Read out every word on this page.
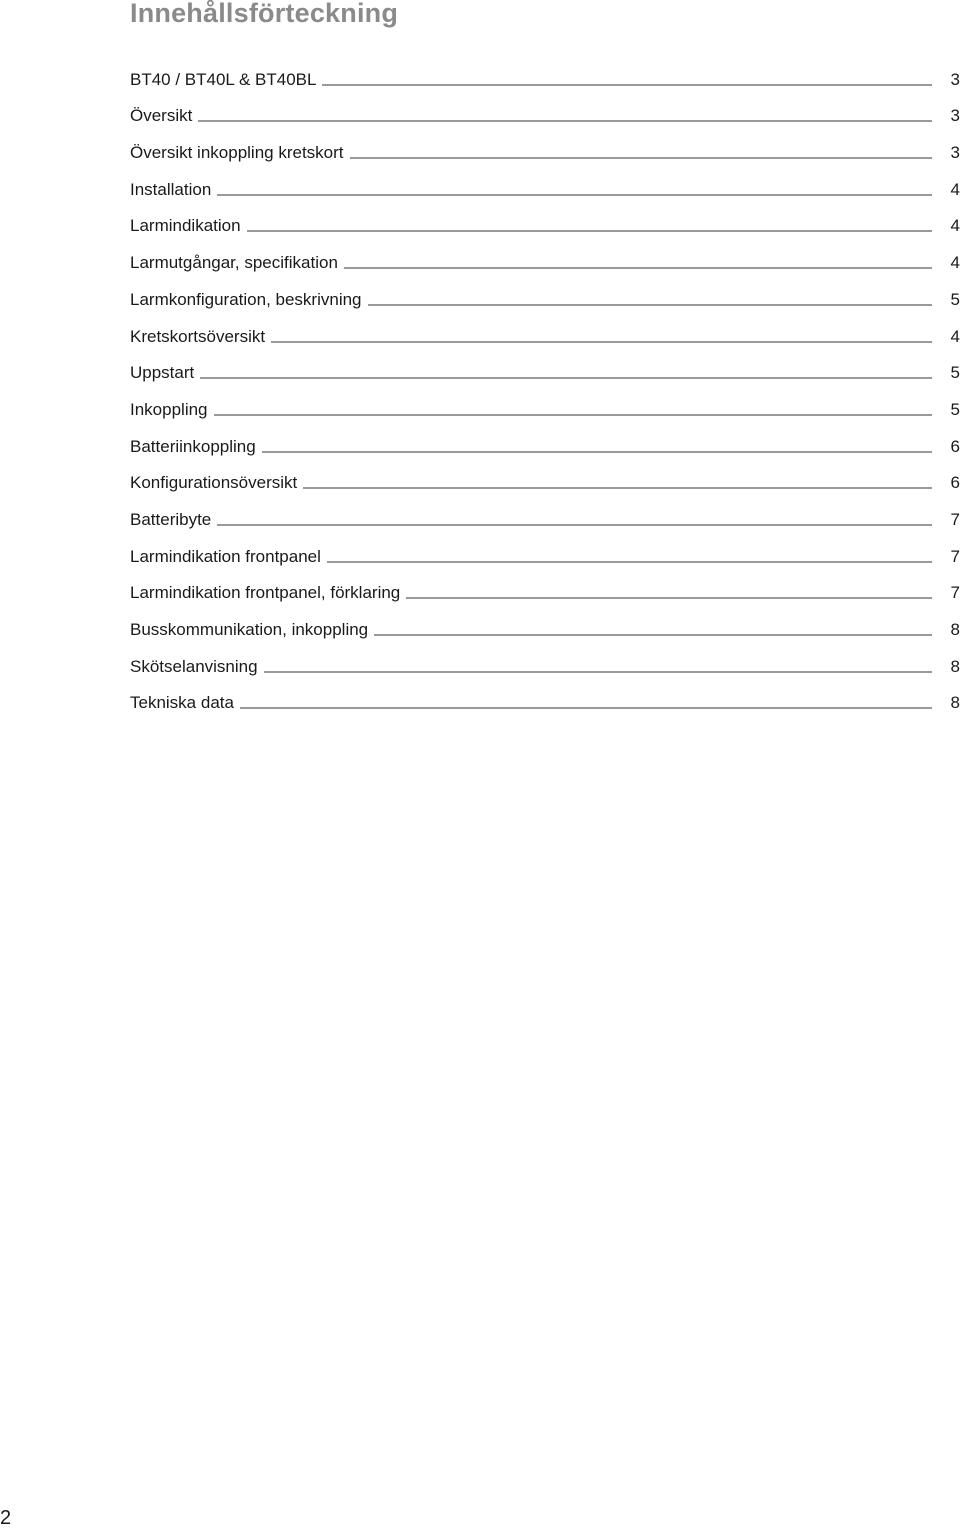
Innehållsförteckning
BT40 / BT40L & BT40BL	3
Översikt	3
Översikt inkoppling kretskort	3
Installation	4
Larmindikation	4
Larmutgångar, specifikation	4
Larmkonfiguration, beskrivning	5
Kretskortsöversikt	4
Uppstart	5
Inkoppling	5
Batteriinkoppling	6
Konfigurationsöversikt	6
Batteribyte	7
Larmindikation frontpanel	7
Larmindikation frontpanel, förklaring	7
Busskommunikation, inkoppling	8
Skötselanvisning	8
Tekniska data	8
2
